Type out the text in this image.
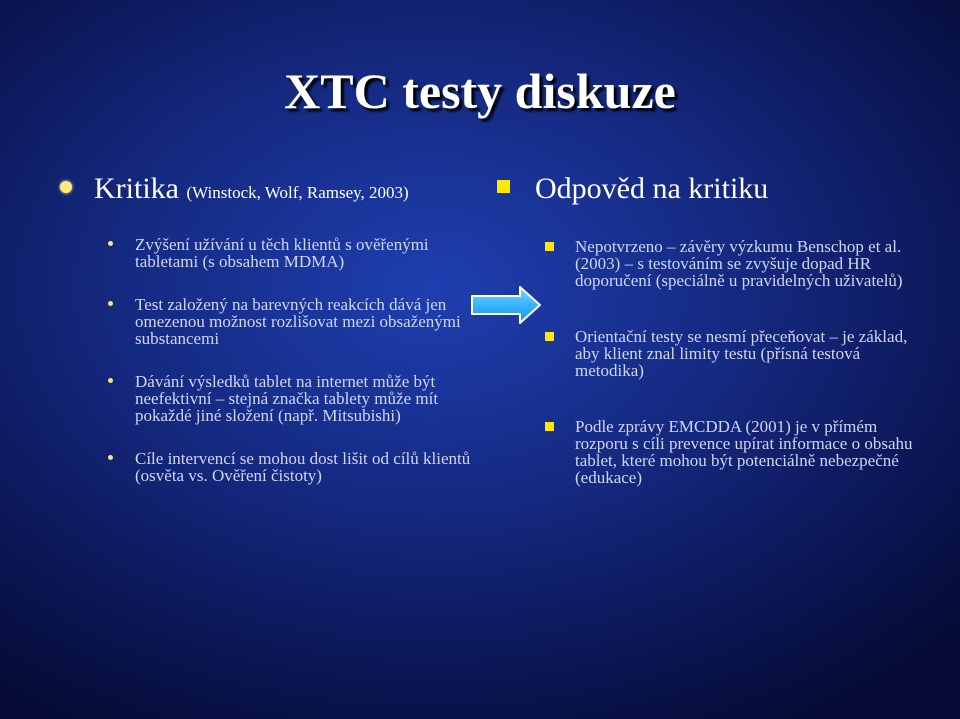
XTC testy diskuze
Kritika (Winstock, Wolf, Ramsey, 2003)	Odpověd na kritiku
Zvýšení užívání u těch klientů s ověřenými tabletami (s obsahem MDMA)
Test založený na barevných reakcích dává jen omezenou možnost rozlišovat mezi obsaženými substancemi
Dávání výsledků tablet na internet může být neefektivní – stejná značka tablety může mít pokaždé jiné složení (např. Mitsubishi)
Cíle intervencí se mohou dost lišit od cílů klientů (osvěta vs. Ověření čistoty)
Nepotvrzeno – závěry výzkumu Benschop et al. (2003) – s testováním se zvyšuje dopad HR doporučení (speciálně u pravidelných uživatelů)
Orientační testy se nesmí přeceňovat – je základ, aby klient znal limity testu (přísná testová metodika)
Podle zprávy EMCDDA (2001) je v přímém rozporu s cíli prevence upírat informace o obsahu tablet, které mohou být potenciálně nebezpečné (edukace)
